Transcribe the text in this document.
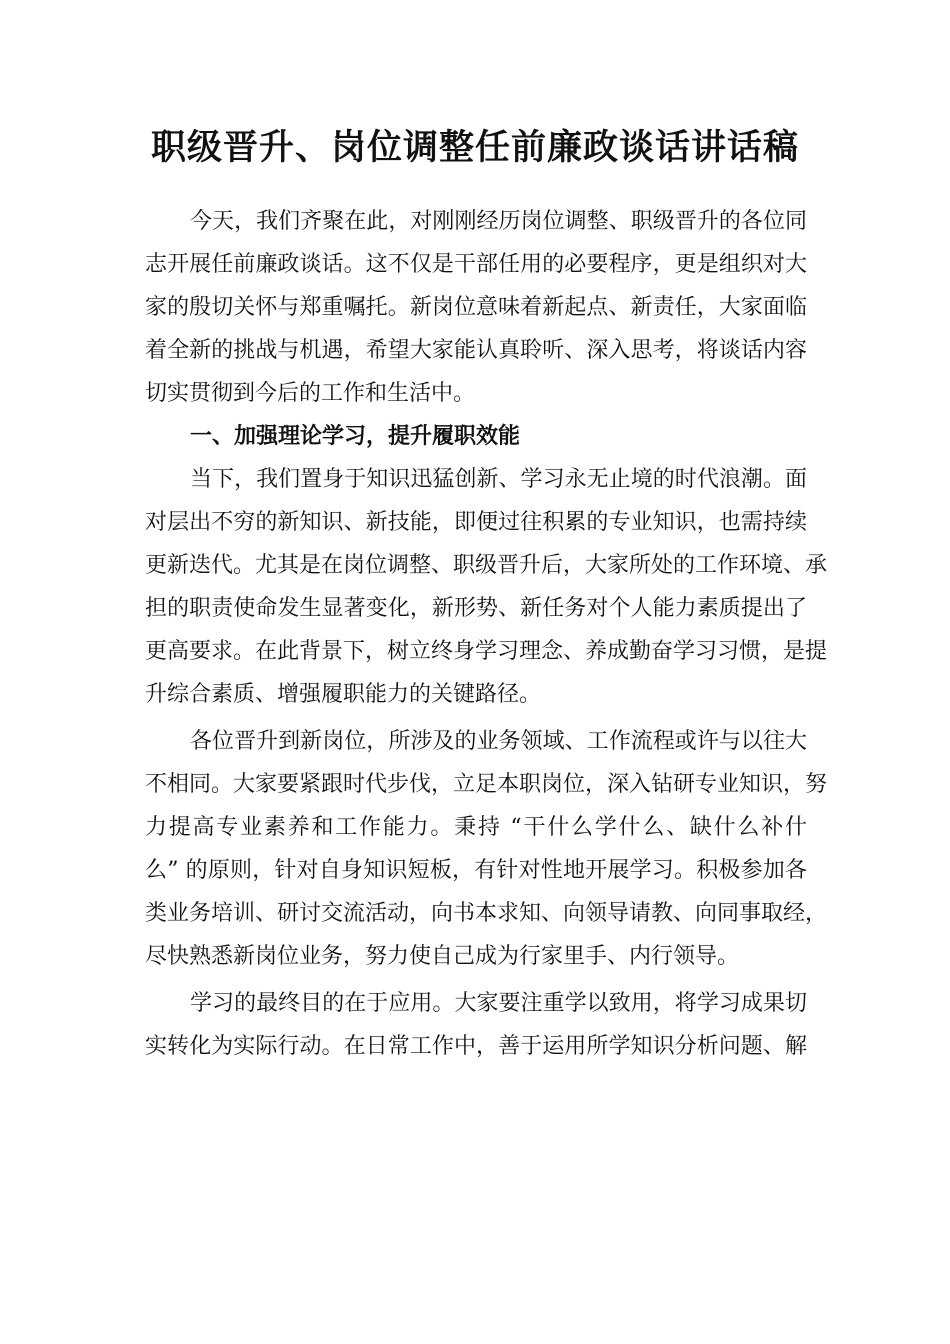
职级晋升、岗位调整任前廉政谈话讲话稿
今天，我们齐聚在此，对刚刚经历岗位调整、职级晋升的各位同
志开展任前廉政谈话。这不仅是干部任用的必要程序，更是组织对大
家的殷切关怀与郑重嘱托。新岗位意味着新起点、新责任，大家面临
着全新的挑战与机遇，希望大家能认真聆听、深入思考，将谈话内容
切实贯彻到今后的工作和生活中。
一、加强理论学习，提升履职效能
当下，我们置身于知识迅猛创新、学习永无止境的时代浪潮。面
对层出不穷的新知识、新技能，即便过往积累的专业知识，也需持续
更新迭代。尤其是在岗位调整、职级晋升后，大家所处的工作环境、承
担的职责使命发生显著变化，新形势、新任务对个人能力素质提出了
更高要求。在此背景下，树立终身学习理念、养成勤奋学习习惯，是提
升综合素质、增强履职能力的关键路径。
各位晋升到新岗位，所涉及的业务领域、工作流程或许与以往大
不相同。大家要紧跟时代步伐，立足本职岗位，深入钻研专业知识，努
力提高专业素养和工作能力。秉持 “干什么学什么、缺什么补什
么” 的原则，针对自身知识短板，有针对性地开展学习。积极参加各
类业务培训、研讨交流活动，向书本求知、向领导请教、向同事取经，
尽快熟悉新岗位业务，努力使自己成为行家里手、内行领导。
学习的最终目的在于应用。大家要注重学以致用，将学习成果切
实转化为实际行动。在日常工作中，善于运用所学知识分析问题、解
